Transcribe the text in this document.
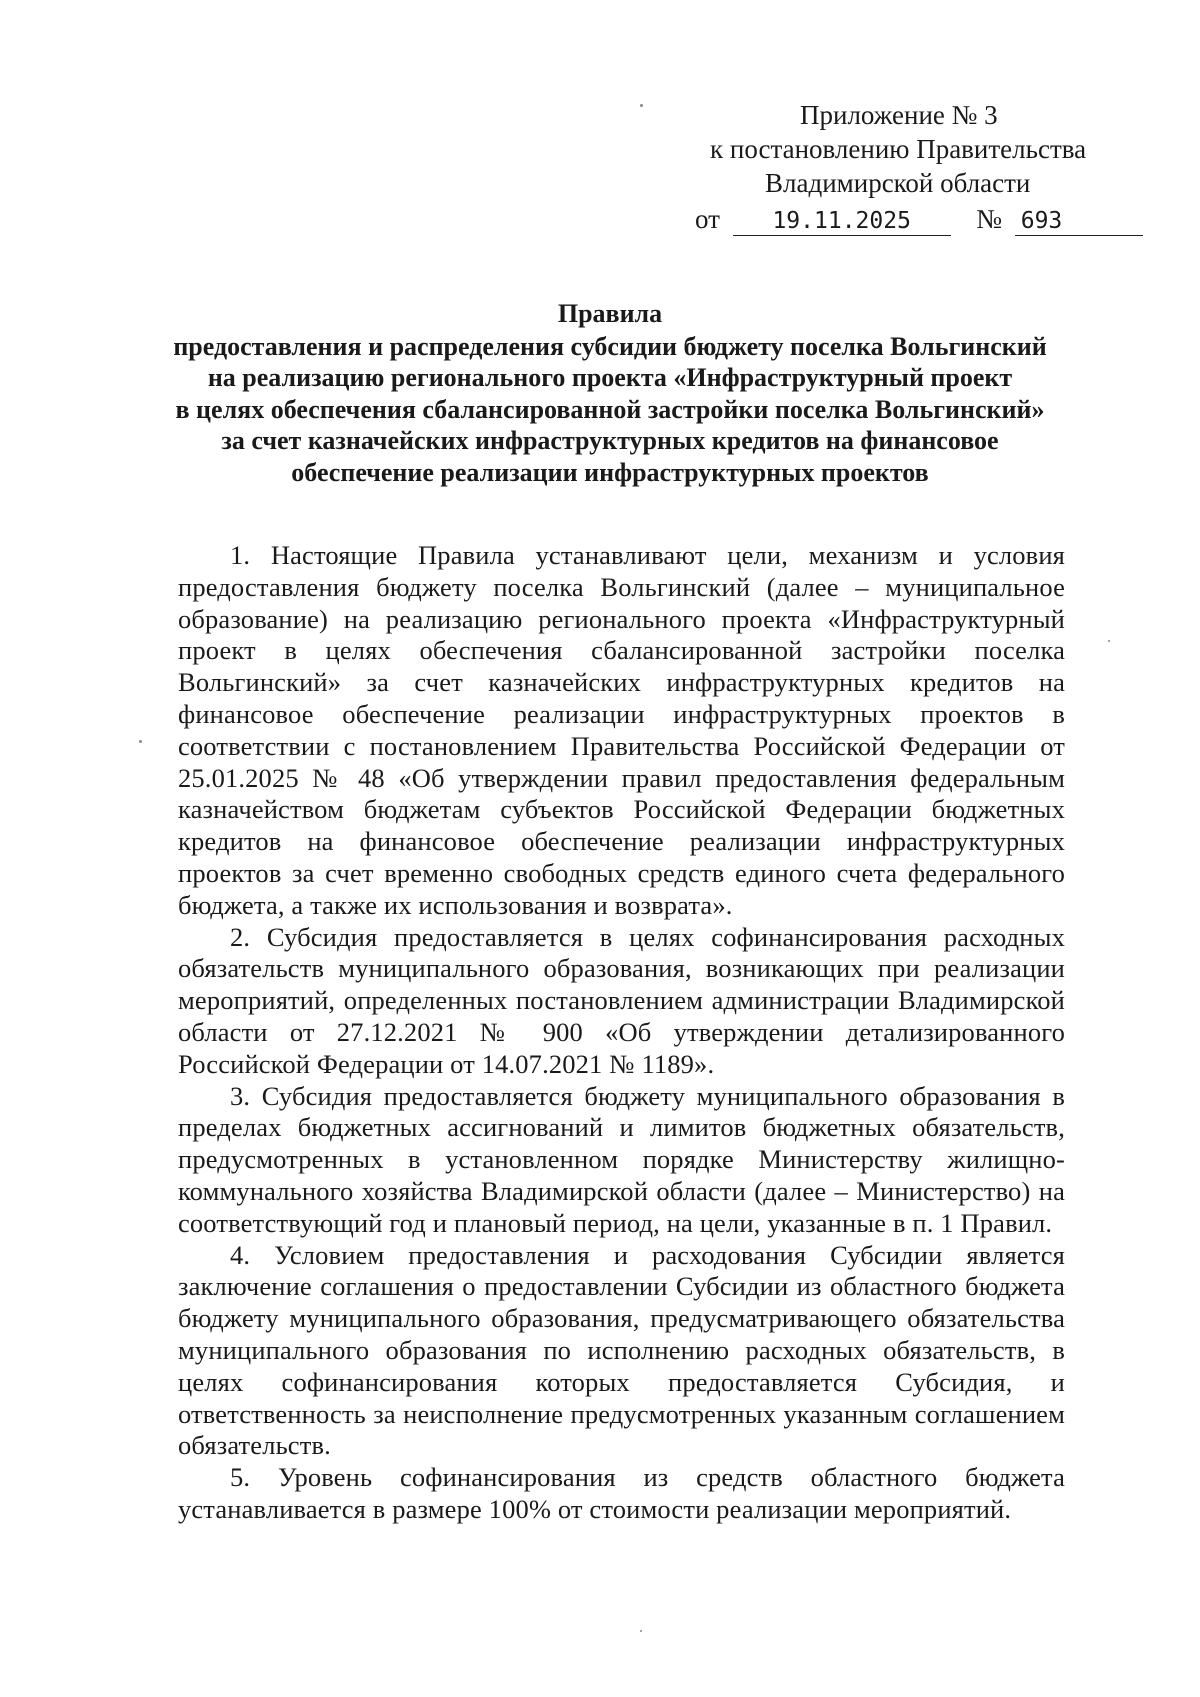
Приложение № 3
к постановлению Правительства
Владимирской области
от 19.11.2025 № 693
Правила
предоставления и распределения субсидии бюджету поселка Вольгинский
на реализацию регионального проекта «Инфраструктурный проект
в целях обеспечения сбалансированной застройки поселка Вольгинский»
за счет казначейских инфраструктурных кредитов на финансовое
обеспечение реализации инфраструктурных проектов

1. Настоящие Правила устанавливают цели, механизм и условия предоставления бюджету поселка Вольгинский (далее – муниципальное образование) на реализацию регионального проекта «Инфраструктурный проект в целях обеспечения сбалансированной застройки поселка Вольгинский» за счет казначейских инфраструктурных кредитов на финансовое обеспечение реализации инфраструктурных проектов в соответствии с постановлением Правительства Российской Федерации от 25.01.2025 № 48 «Об утверждении правил предоставления федеральным казначейством бюджетам субъектов Российской Федерации бюджетных кредитов на финансовое обеспечение реализации инфраструктурных проектов за счет временно свободных средств единого счета федерального бюджета, а также их использования и возврата».

2. Субсидия предоставляется в целях софинансирования расходных обязательств муниципального образования, возникающих при реализации мероприятий, определенных постановлением администрации Владимирской области от 27.12.2021 № 900 «Об утверждении детализированного Российской Федерации от 14.07.2021 № 1189».

3. Субсидия предоставляется бюджету муниципального образования в пределах бюджетных ассигнований и лимитов бюджетных обязательств, предусмотренных в установленном порядке Министерству жилищно-коммунального хозяйства Владимирской области (далее – Министерство) на соответствующий год и плановый период, на цели, указанные в п. 1 Правил.

4. Условием предоставления и расходования Субсидии является заключение соглашения о предоставлении Субсидии из областного бюджета бюджету муниципального образования, предусматривающего обязательства муниципального образования по исполнению расходных обязательств, в целях софинансирования которых предоставляется Субсидия, и ответственность за неисполнение предусмотренных указанным соглашением обязательств.

5. Уровень софинансирования из средств областного бюджета устанавливается в размере 100% от стоимости реализации мероприятий.
